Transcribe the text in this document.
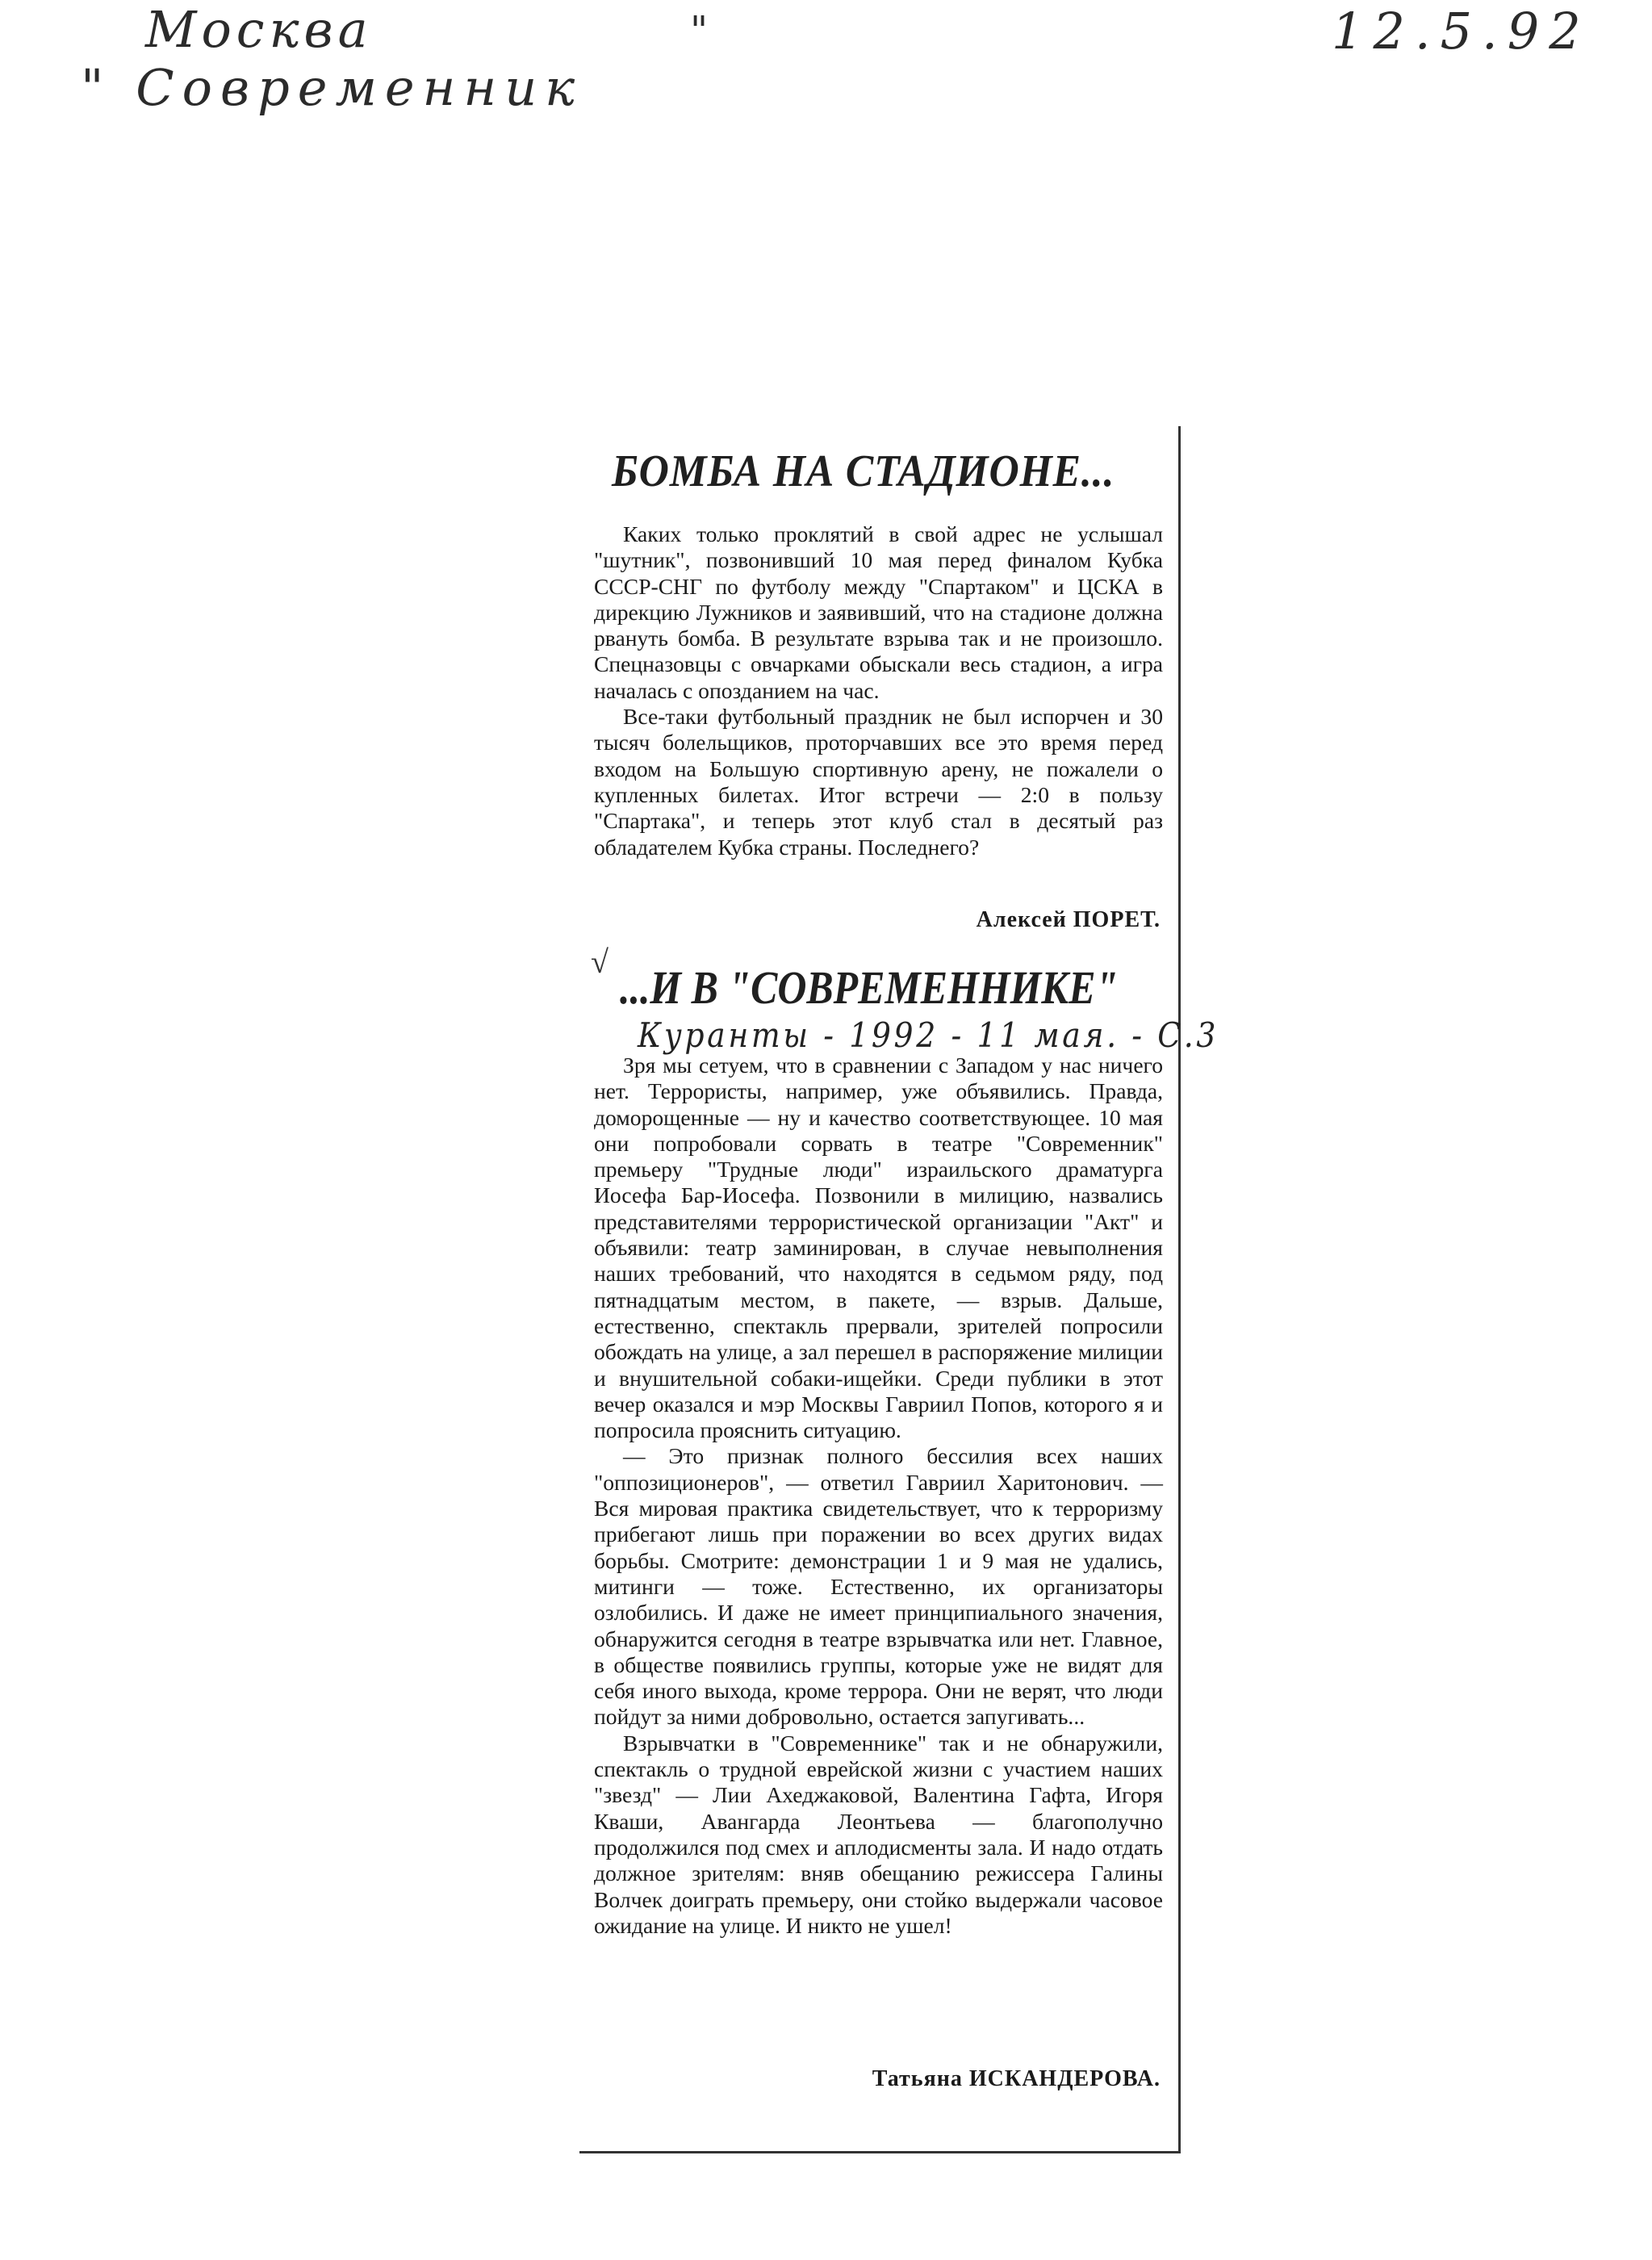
Москва	"
" Современник
12.5.92
БОМБА НА СТАДИОНЕ...

Каких только проклятий в свой адрес не услышал "шутник", позвонивший 10 мая перед финалом Кубка СССР-СНГ по футболу между "Спартаком" и ЦСКА в дирекцию Лужников и заявивший, что на стадионе должна рвануть бомба. В результате взрыва так и не произошло. Спецназовцы с овчарками обыскали весь стадион, а игра началась с опозданием на час.

Все-таки футбольный праздник не был испорчен и 30 тысяч болельщиков, проторчавших все это время перед входом на Большую спортивную арену, не пожалели о купленных билетах. Итог встречи — 2:0 в пользу "Спартака", и теперь этот клуб стал в десятый раз обладателем Кубка страны. Последнего?

Алексей ПОРЕТ.
√ ...И В "СОВРЕМЕННИКЕ"
Куранты - 1992 - 11 мая. - С.3

Зря мы сетуем, что в сравнении с Западом у нас ничего нет. Террористы, например, уже объявились. Правда, доморощенные — ну и качество соответствующее. 10 мая они попробовали сорвать в театре "Современник" премьеру "Трудные люди" израильского драматурга Иосефа Бар-Иосефа. Позвонили в милицию, назвались представителями террористической организации "Акт" и объявили: театр заминирован, в случае невыполнения наших требований, что находятся в седьмом ряду, под пятнадцатым местом, в пакете, — взрыв. Дальше, естественно, спектакль прервали, зрителей попросили обождать на улице, а зал перешел в распоряжение милиции и внушительной собаки-ищейки. Среди публики в этот вечер оказался и мэр Москвы Гавриил Попов, которого я и попросила прояснить ситуацию.

— Это признак полного бессилия всех наших "оппозиционеров", — ответил Гавриил Харитонович. — Вся мировая практика свидетельствует, что к терроризму прибегают лишь при поражении во всех других видах борьбы. Смотрите: демонстрации 1 и 9 мая не удались, митинги — тоже. Естественно, их организаторы озлобились. И даже не имеет принципиального значения, обнаружится сегодня в театре взрывчатка или нет. Главное, в обществе появились группы, которые уже не видят для себя иного выхода, кроме террора. Они не верят, что люди пойдут за ними добровольно, остается запугивать...

Взрывчатки в "Современнике" так и не обнаружили, спектакль о трудной еврейской жизни с участием наших "звезд" — Лии Ахеджаковой, Валентина Гафта, Игоря Кваши, Авангарда Леонтьева — благополучно продолжился под смех и аплодисменты зала. И надо отдать должное зрителям: вняв обещанию режиссера Галины Волчек доиграть премьеру, они стойко выдержали часовое ожидание на улице. И никто не ушел!

Татьяна ИСКАНДЕРОВА.
